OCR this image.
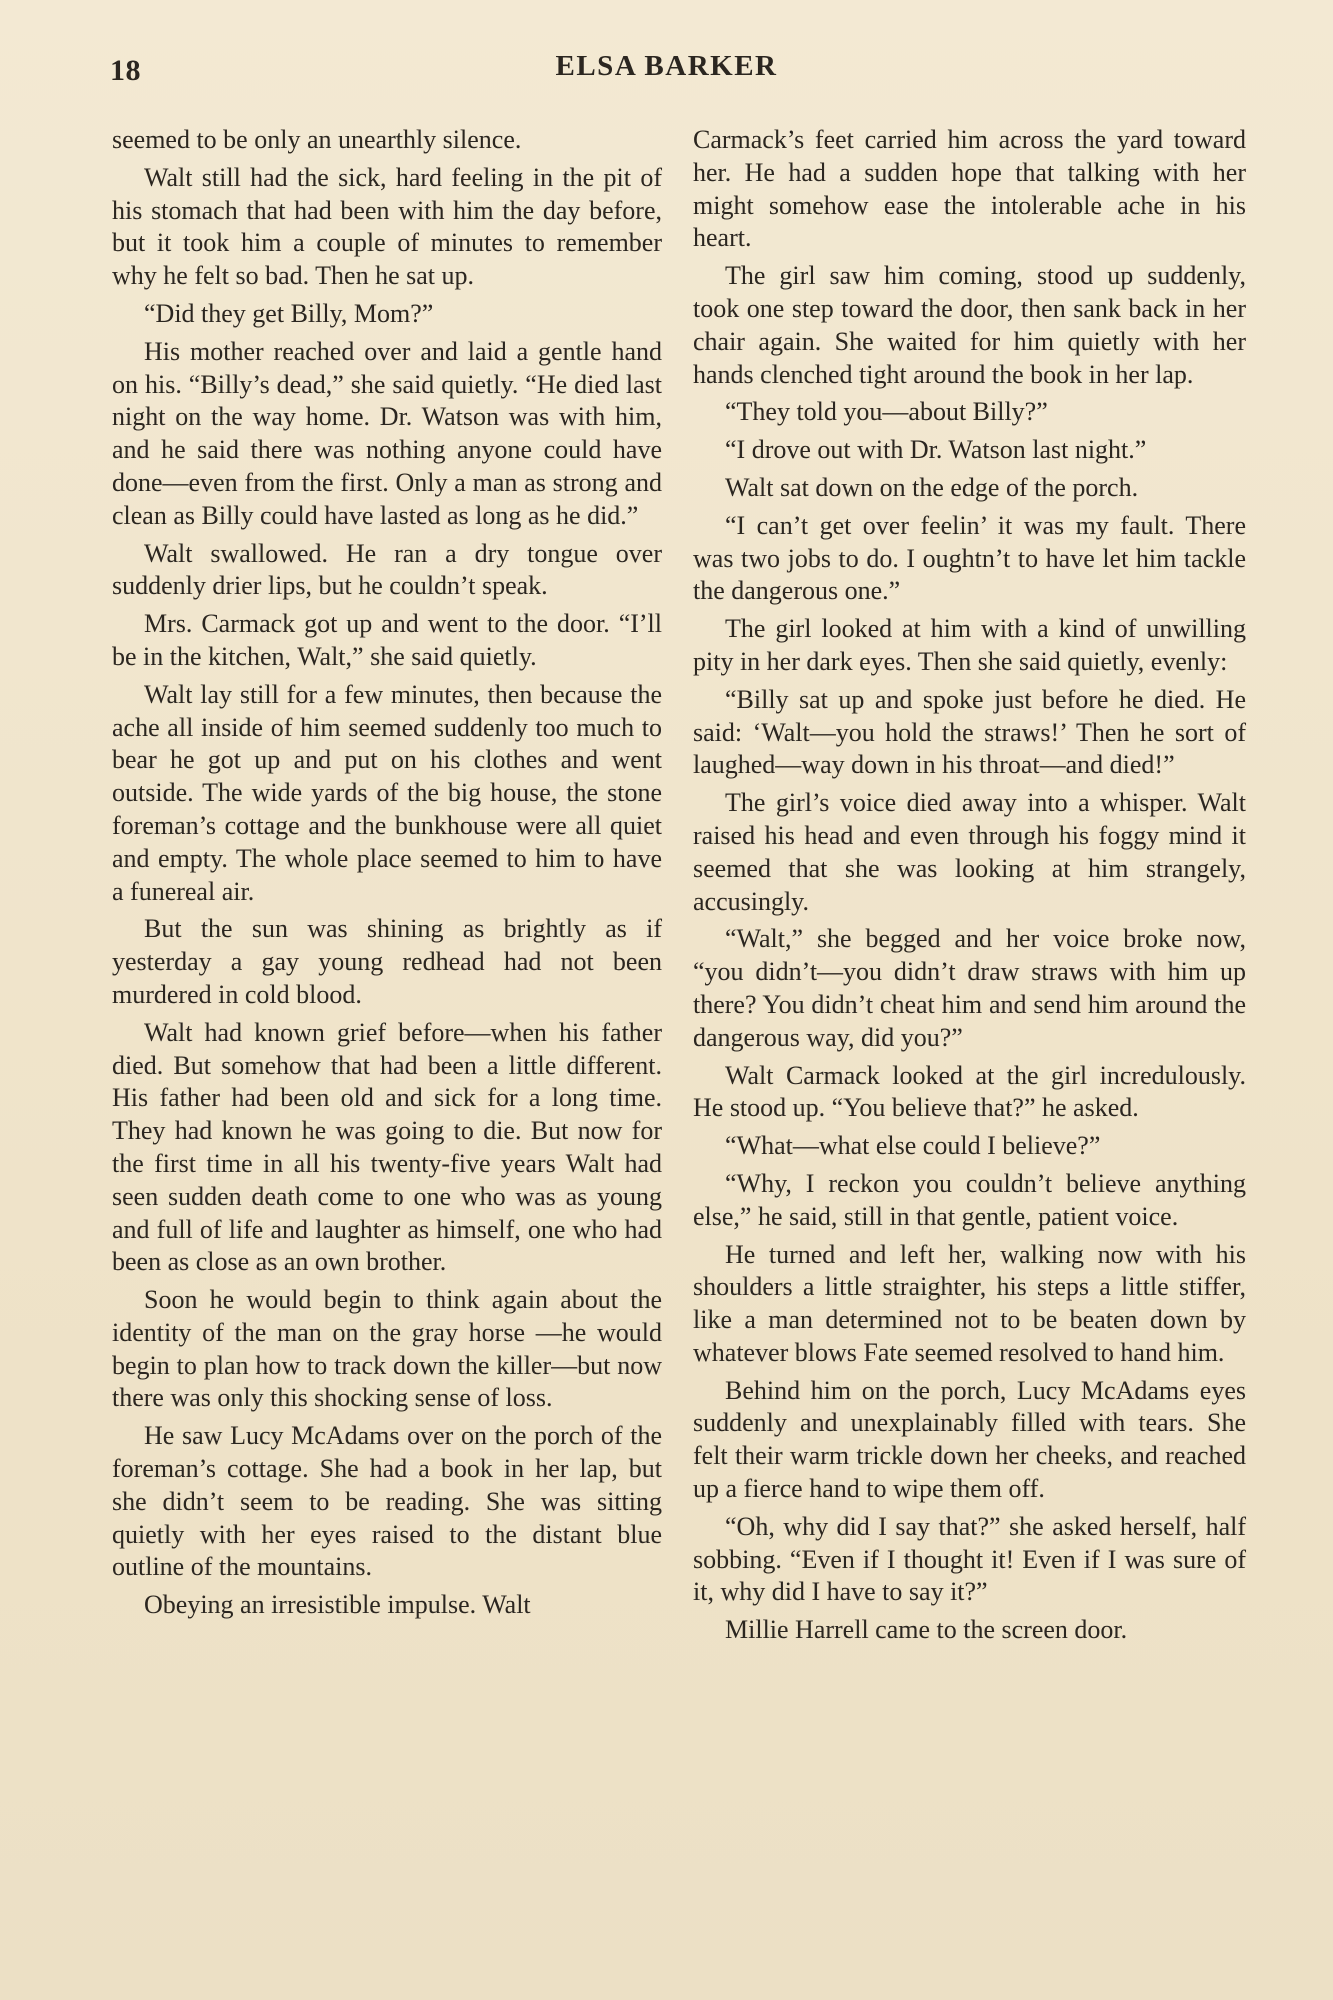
18	ELSA BARKER

seemed to be only an unearthly silence.

Walt still had the sick, hard feeling in the pit of his stomach that had been with him the day before, but it took him a couple of minutes to remember why he felt so bad. Then he sat up.

“Did they get Billy, Mom?”

His mother reached over and laid a gentle hand on his. “Billy’s dead,” she said quietly. “He died last night on the way home. Dr. Watson was with him, and he said there was nothing anyone could have done—even from the first. Only a man as strong and clean as Billy could have lasted as long as he did.”

Walt swallowed. He ran a dry tongue over suddenly drier lips, but he couldn’t speak.

Mrs. Carmack got up and went to the door. “I’ll be in the kitchen, Walt,” she said quietly.

Walt lay still for a few minutes, then because the ache all inside of him seemed suddenly too much to bear he got up and put on his clothes and went outside. The wide yards of the big house, the stone foreman’s cottage and the bunkhouse were all quiet and empty. The whole place seemed to him to have a funereal air.

But the sun was shining as brightly as if yesterday a gay young redhead had not been murdered in cold blood.

Walt had known grief before—when his father died. But somehow that had been a little different. His father had been old and sick for a long time. They had known he was going to die. But now for the first time in all his twenty-five years Walt had seen sudden death come to one who was as young and full of life and laughter as himself, one who had been as close as an own brother.

Soon he would begin to think again about the identity of the man on the gray horse —he would begin to plan how to track down the killer—but now there was only this shocking sense of loss.

He saw Lucy McAdams over on the porch of the foreman’s cottage. She had a book in her lap, but she didn’t seem to be reading. She was sitting quietly with her eyes raised to the distant blue outline of the mountains.

Obeying an irresistible impulse. Walt

Carmack’s feet carried him across the yard toward her. He had a sudden hope that talking with her might somehow ease the intolerable ache in his heart.

The girl saw him coming, stood up suddenly, took one step toward the door, then sank back in her chair again. She waited for him quietly with her hands clenched tight around the book in her lap.

“They told you—about Billy?”

“I drove out with Dr. Watson last night.”

Walt sat down on the edge of the porch.

“I can’t get over feelin’ it was my fault. There was two jobs to do. I oughtn’t to have let him tackle the dangerous one.”

The girl looked at him with a kind of unwilling pity in her dark eyes. Then she said quietly, evenly:

“Billy sat up and spoke just before he died. He said: ‘Walt—you hold the straws!’ Then he sort of laughed—way down in his throat—and died!”

The girl’s voice died away into a whisper. Walt raised his head and even through his foggy mind it seemed that she was looking at him strangely, accusingly.

“Walt,” she begged and her voice broke now, “you didn’t—you didn’t draw straws with him up there? You didn’t cheat him and send him around the dangerous way, did you?”

Walt Carmack looked at the girl incredulously. He stood up. “You believe that?” he asked.

“What—what else could I believe?”

“Why, I reckon you couldn’t believe anything else,” he said, still in that gentle, patient voice.

He turned and left her, walking now with his shoulders a little straighter, his steps a little stiffer, like a man determined not to be beaten down by whatever blows Fate seemed resolved to hand him.

Behind him on the porch, Lucy McAdams eyes suddenly and unexplainably filled with tears. She felt their warm trickle down her cheeks, and reached up a fierce hand to wipe them off.

“Oh, why did I say that?” she asked herself, half sobbing. “Even if I thought it! Even if I was sure of it, why did I have to say it?”

Millie Harrell came to the screen door.
